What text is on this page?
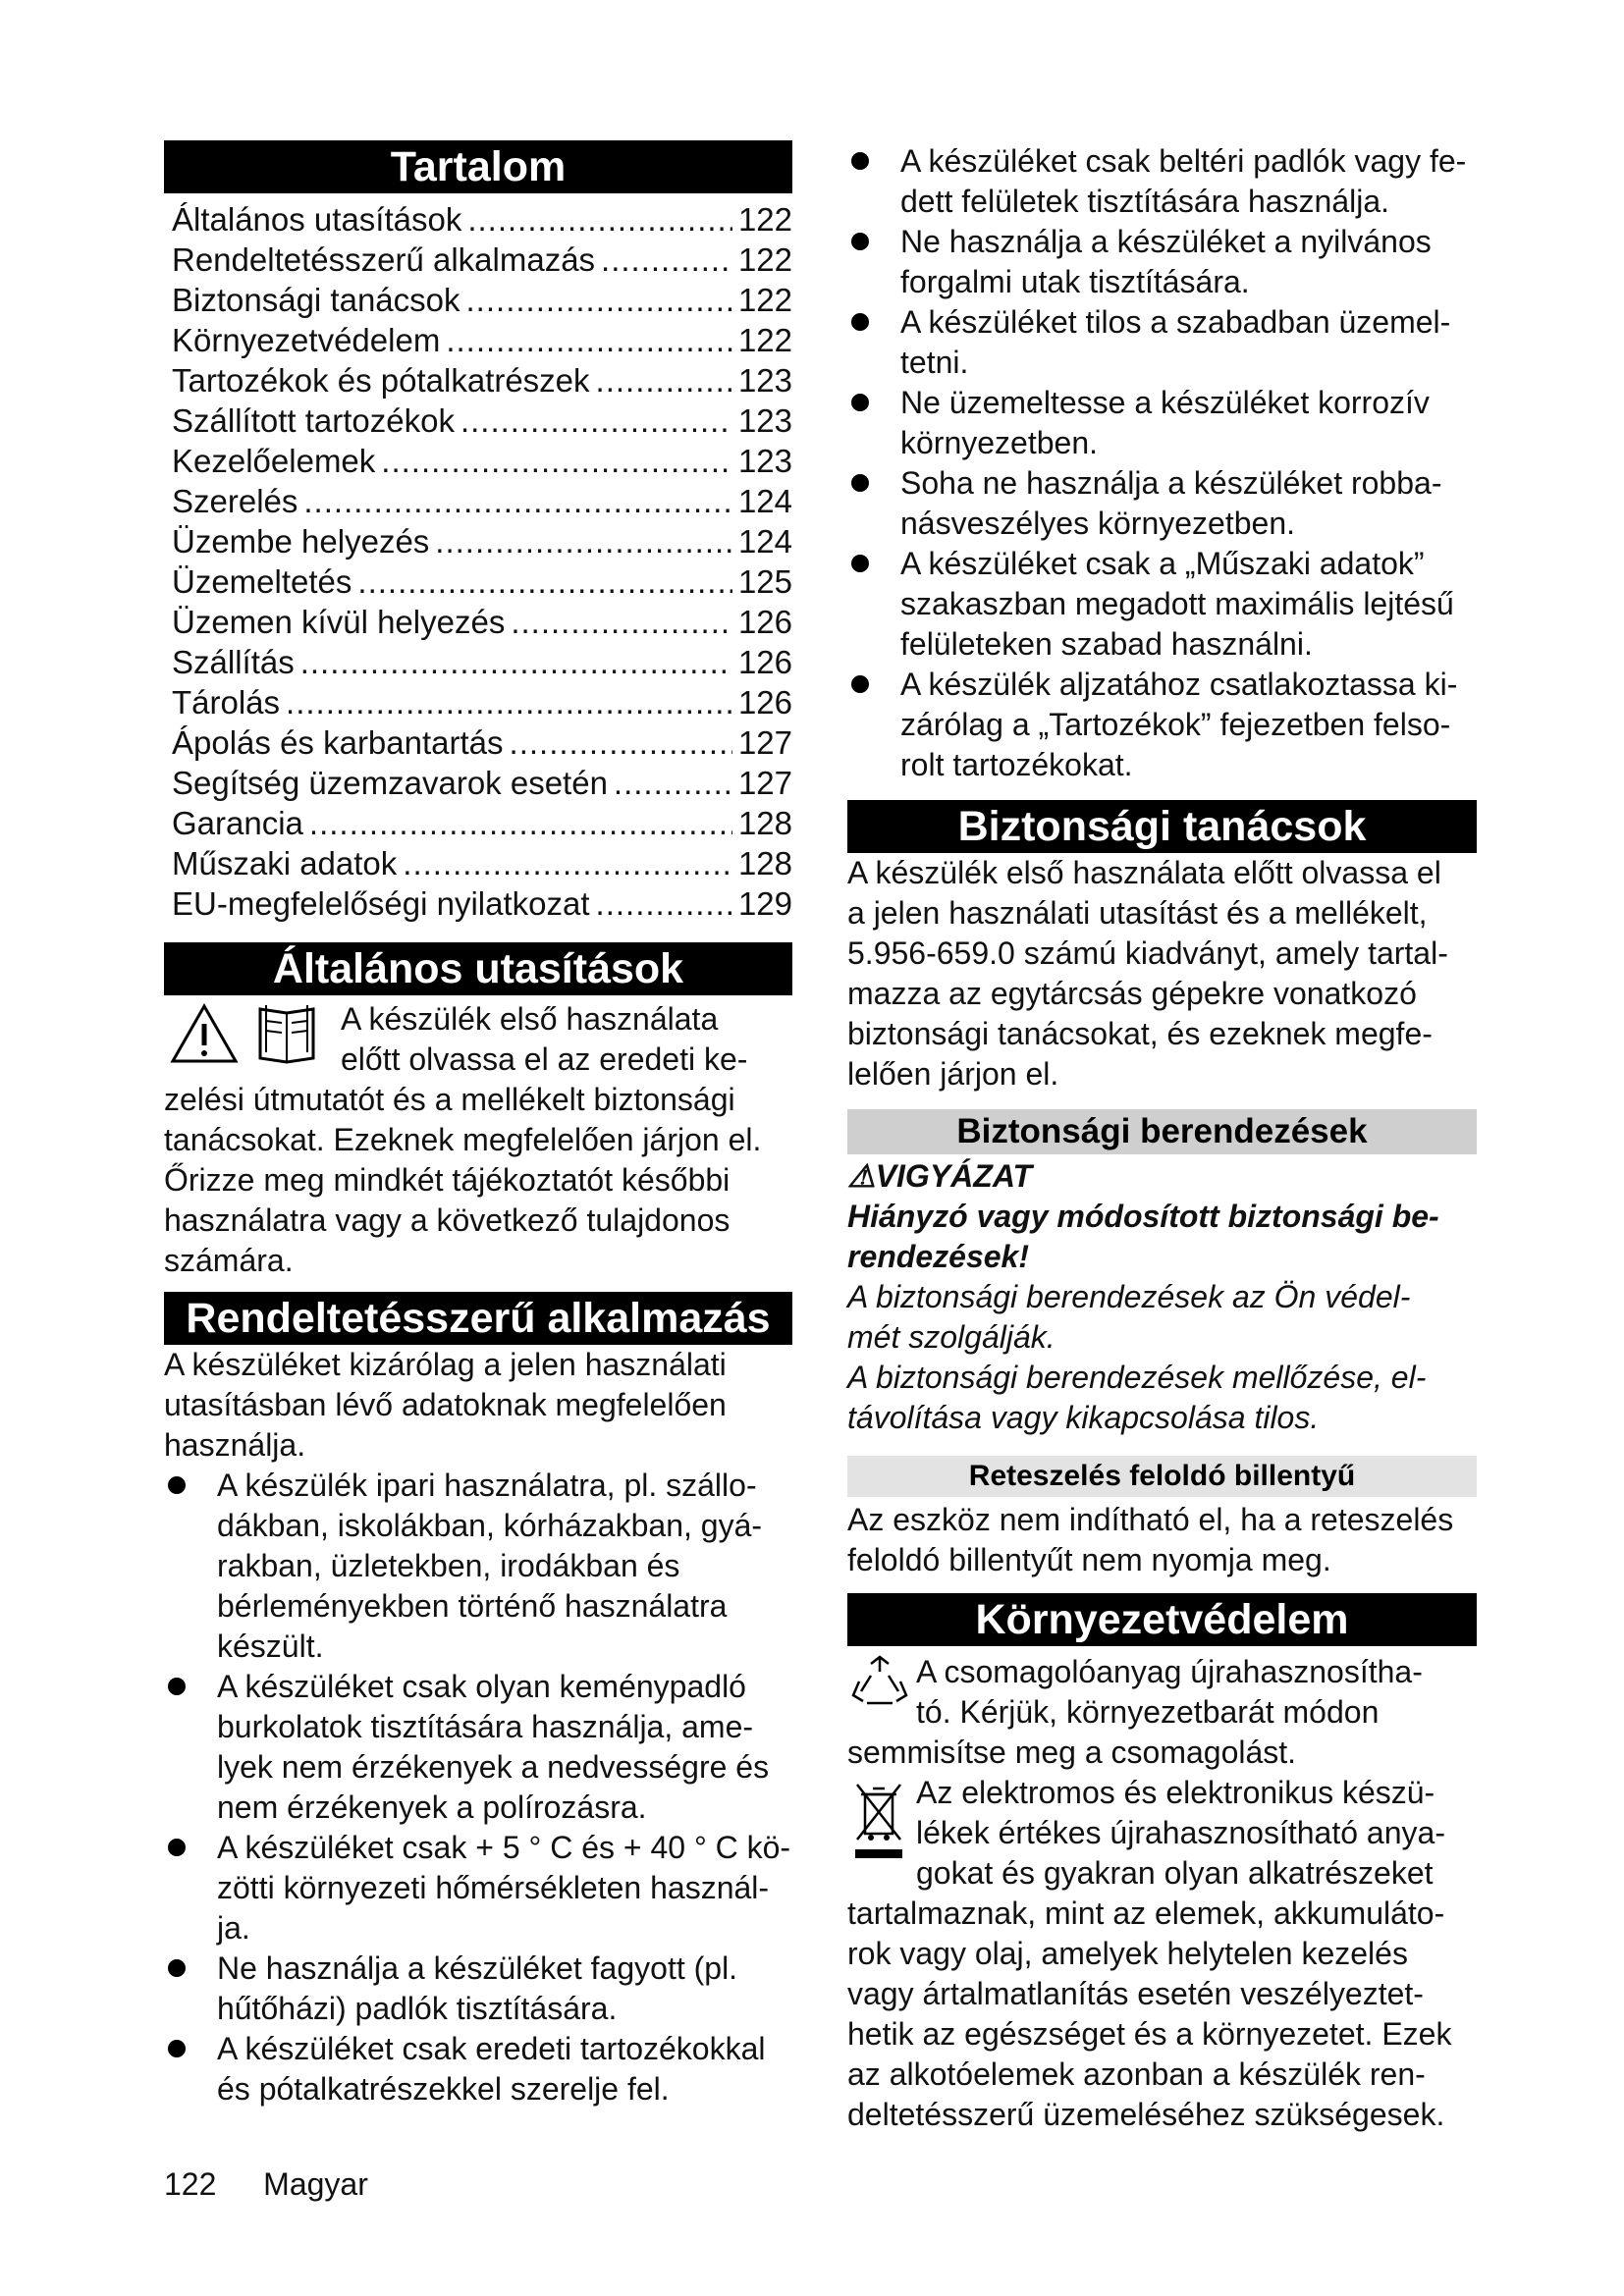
Tartalom
Általános utasítások .....	122
Rendeltetésszerű alkalmazás .....	122
Biztonsági tanácsok .....	122
Környezetvédelem .....	122
Tartozékok és pótalkatrészek .....	123
Szállított tartozékok .....	123
Kezelőelemek .....	123
Szerelés .....	124
Üzembe helyezés .....	124
Üzemeltetés .....	125
Üzemen kívül helyezés .....	126
Szállítás .....	126
Tárolás .....	126
Ápolás és karbantartás .....	127
Segítség üzemzavarok esetén .....	127
Garancia .....	128
Műszaki adatok .....	128
EU-megfelelőségi nyilatkozat .....	129
Általános utasítások
A készülék első használata
előtt olvassa el az eredeti ke-
zelési útmutatót és a mellékelt biztonsági
tanácsokat. Ezeknek megfelelően járjon el.
Őrizze meg mindkét tájékoztatót későbbi
használatra vagy a következő tulajdonos
számára.
Rendeltetésszerű alkalmazás
A készüléket kizárólag a jelen használati
utasításban lévő adatoknak megfelelően
használja.
A készülék ipari használatra, pl. szállo-
dákban, iskolákban, kórházakban, gyá-
rakban, üzletekben, irodákban és
bérleményekben történő használatra
készült.
A készüléket csak olyan keménypadló
burkolatok tisztítására használja, ame-
lyek nem érzékenyek a nedvességre és
nem érzékenyek a polírozásra.
A készüléket csak + 5 ° C és + 40 ° C kö-
zötti környezeti hőmérsékleten használ-
ja.
Ne használja a készüléket fagyott (pl.
hűtőházi) padlók tisztítására.
A készüléket csak eredeti tartozékokkal
és pótalkatrészekkel szerelje fel.
A készüléket csak beltéri padlók vagy fe-
dett felületek tisztítására használja.
Ne használja a készüléket a nyilvános
forgalmi utak tisztítására.
A készüléket tilos a szabadban üzemel-
tetni.
Ne üzemeltesse a készüléket korrozív
környezetben.
Soha ne használja a készüléket robba-
násveszélyes környezetben.
A készüléket csak a „Műszaki adatok”
szakaszban megadott maximális lejtésű
felületeken szabad használni.
A készülék aljzatához csatlakoztassa ki-
zárólag a „Tartozékok” fejezetben felso-
rolt tartozékokat.
Biztonsági tanácsok
A készülék első használata előtt olvassa el
a jelen használati utasítást és a mellékelt,
5.956-659.0 számú kiadványt, amely tartal-
mazza az egytárcsás gépekre vonatkozó
biztonsági tanácsokat, és ezeknek megfe-
lelően járjon el.
Biztonsági berendezések
⚠VIGYÁZAT
Hiányzó vagy módosított biztonsági be-
rendezések!
A biztonsági berendezések az Ön védel-
mét szolgálják.
A biztonsági berendezések mellőzése, el-
távolítása vagy kikapcsolása tilos.
Reteszelés feloldó billentyű
Az eszköz nem indítható el, ha a reteszelés
feloldó billentyűt nem nyomja meg.
Környezetvédelem
A csomagolóanyag újrahasznosítha-
tó. Kérjük, környezetbarát módon
semmisítse meg a csomagolást.
Az elektromos és elektronikus készü-
lékek értékes újrahasznosítható anya-
gokat és gyakran olyan alkatrészeket
tartalmaznak, mint az elemek, akkumuláto-
rok vagy olaj, amelyek helytelen kezelés
vagy ártalmatlanítás esetén veszélyeztet-
hetik az egészséget és a környezetet. Ezek
az alkotóelemek azonban a készülék ren-
deltetésszerű üzemeléséhez szükségesek.
122 Magyar
